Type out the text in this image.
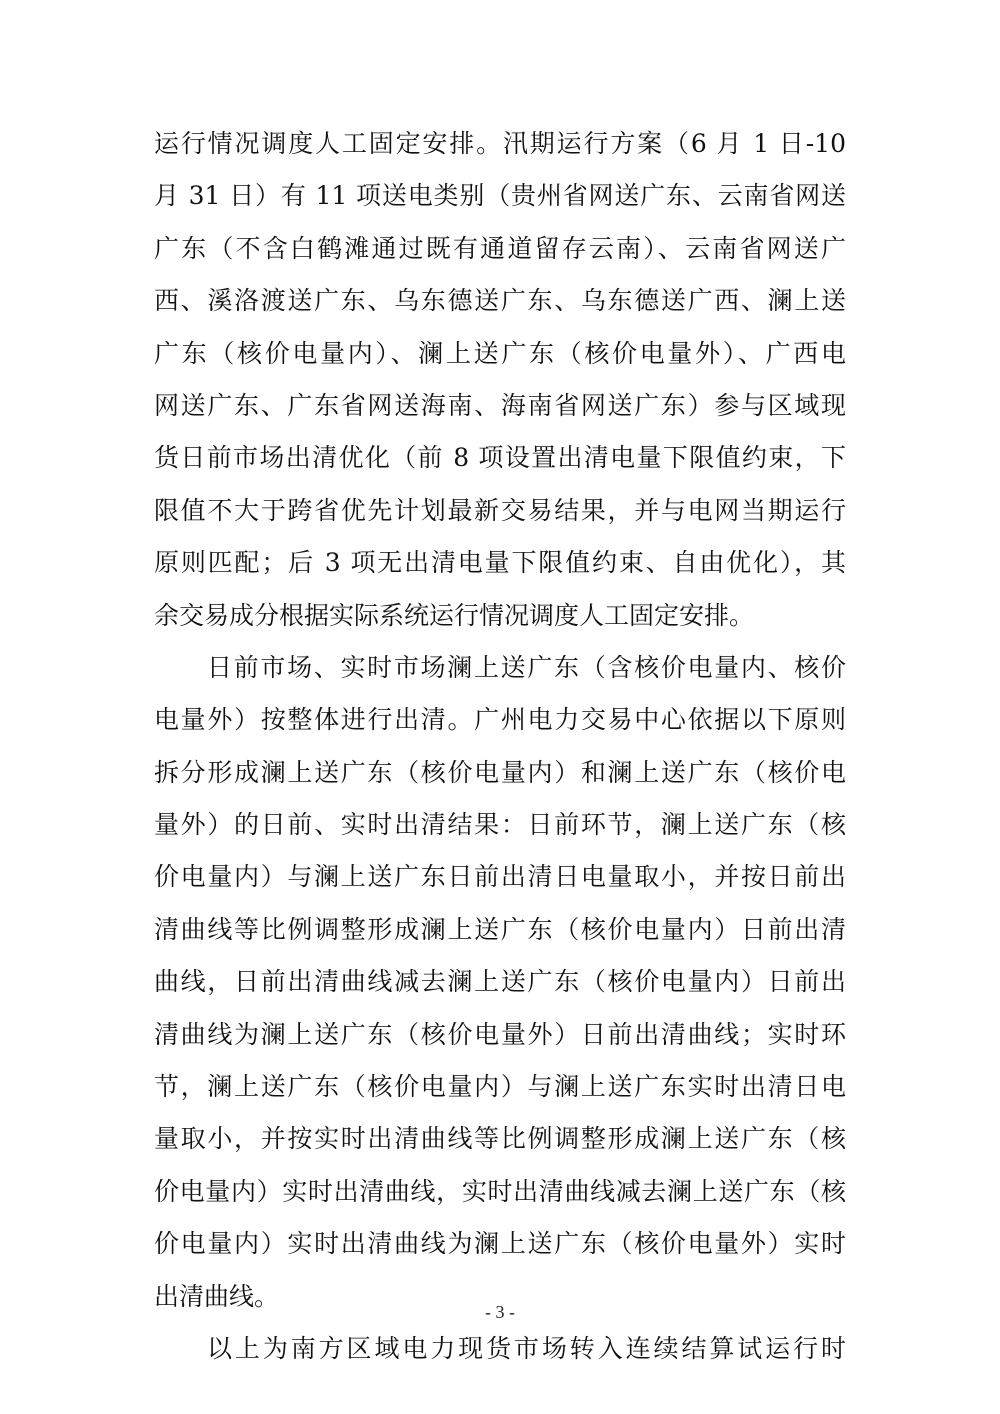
运行情况调度人工固定安排。汛期运行方案（6 月 1 日-10
月 31 日）有 11 项送电类别（贵州省网送广东、云南省网送
广东（不含白鹤滩通过既有通道留存云南）、云南省网送广
西、溪洛渡送广东、乌东德送广东、乌东德送广西、澜上送
广东（核价电量内）、澜上送广东（核价电量外）、广西电
网送广东、广东省网送海南、海南省网送广东）参与区域现
货日前市场出清优化（前 8 项设置出清电量下限值约束，下
限值不大于跨省优先计划最新交易结果，并与电网当期运行
原则匹配；后 3 项无出清电量下限值约束、自由优化），其
余交易成分根据实际系统运行情况调度人工固定安排。
日前市场、实时市场澜上送广东（含核价电量内、核价
电量外）按整体进行出清。广州电力交易中心依据以下原则
拆分形成澜上送广东（核价电量内）和澜上送广东（核价电
量外）的日前、实时出清结果：日前环节，澜上送广东（核
价电量内）与澜上送广东日前出清日电量取小，并按日前出
清曲线等比例调整形成澜上送广东（核价电量内）日前出清
曲线，日前出清曲线减去澜上送广东（核价电量内）日前出
清曲线为澜上送广东（核价电量外）日前出清曲线；实时环
节，澜上送广东（核价电量内）与澜上送广东实时出清日电
量取小，并按实时出清曲线等比例调整形成澜上送广东（核
价电量内）实时出清曲线，实时出清曲线减去澜上送广东（核
价电量内）实时出清曲线为澜上送广东（核价电量外）实时
出清曲线。
以上为南方区域电力现货市场转入连续结算试运行时
- 3 -
